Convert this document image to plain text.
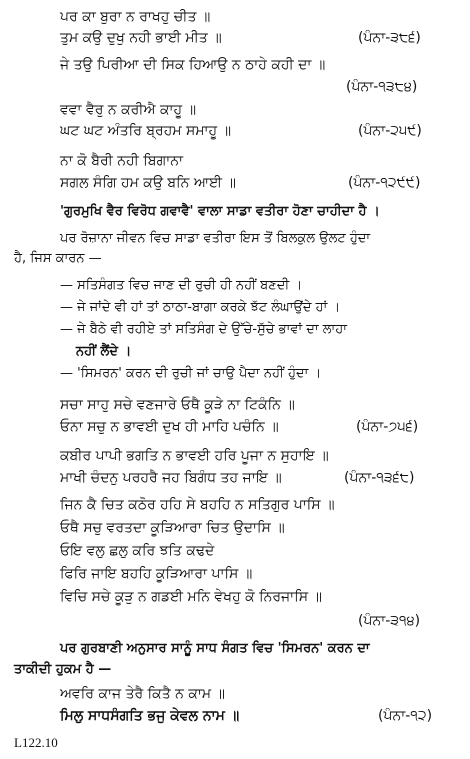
ਪਰ ਕਾ ਬੁਰਾ ਨ ਰਾਖਹੁ ਚੀਤ ॥
ਤੁਮ ਕਉ ਦੁਖੁ ਨਹੀ ਭਾਈ ਮੀਤ ॥	(ਪੰਨਾ-੩੮੬)
ਜੇ ਤਉ ਪਿਰੀਆ ਦੀ ਸਿਕ ਹਿਆਉ ਨ ਠਾਹੇ ਕਹੀ ਦਾ ॥
(ਪੰਨਾ-੧੩੮੪)
ਵਵਾ ਵੈਰੁ ਨ ਕਰੀਐ ਕਾਹੂ ॥
ਘਟ ਘਟ ਅੰਤਰਿ ਬ੍ਰਹਮ ਸਮਾਹੂ ॥	(ਪੰਨਾ-੨੫੯)
ਨਾ ਕੋ ਬੈਰੀ ਨਹੀ ਬਿਗਾਨਾ
ਸਗਲ ਸੰਗਿ ਹਮ ਕਉ ਬਨਿ ਆਈ ॥	(ਪੰਨਾ-੧੨੯੯)
'ਗੁਰਮੁਖਿ ਵੈਰ ਵਿਰੋਧ ਗਵਾਵੈ' ਵਾਲਾ ਸਾਡਾ ਵਤੀਰਾ ਹੋਣਾ ਚਾਹੀਦਾ ਹੈ ।
ਪਰ ਰੋਜ਼ਾਨਾ ਜੀਵਨ ਵਿਚ ਸਾਡਾ ਵਤੀਰਾ ਇਸ ਤੋਂ ਬਿਲਕੁਲ ਉਲਟ ਹੁੰਦਾ
ਹੈ, ਜਿਸ ਕਾਰਨ —
— ਸਤਿਸੰਗਤ ਵਿਚ ਜਾਣ ਦੀ ਰੁਚੀ ਹੀ ਨਹੀਂ ਬਣਦੀ ।
— ਜੇ ਜਾਂਦੇ ਵੀ ਹਾਂ ਤਾਂ ਠਾਠਾ-ਬਾਗਾ ਕਰਕੇ ਝੱਟ ਲੰਘਾਉਂਦੇ ਹਾਂ ।
— ਜੇ ਬੈਠੇ ਵੀ ਰਹੀਏ ਤਾਂ ਸਤਿਸੰਗ ਦੇ ਉੱਚੇ-ਸੁੱਚੇ ਭਾਵਾਂ ਦਾ ਲਾਹਾ
ਨਹੀਂ ਲੈਂਦੇ ।
— 'ਸਿਮਰਨ' ਕਰਨ ਦੀ ਰੁਚੀ ਜਾਂ ਚਾਉ ਪੈਦਾ ਨਹੀਂ ਹੁੰਦਾ ।
ਸਚਾ ਸਾਹੁ ਸਚੇ ਵਣਜਾਰੇ ਓਥੈ ਕੂੜੇ ਨਾ ਟਿਕੰਨਿ ॥
ਓਨਾ ਸਚੁ ਨ ਭਾਵਈ ਦੁਖ ਹੀ ਮਾਹਿ ਪਚੰਨਿ ॥	(ਪੰਨਾ-੭੫੬)
ਕਬੀਰ ਪਾਪੀ ਭਗਤਿ ਨ ਭਾਵਈ ਹਰਿ ਪੂਜਾ ਨ ਸੁਹਾਇ ॥
ਮਾਖੀ ਚੰਦਨੁ ਪਰਹਰੈ ਜਹ ਬਿਗੰਧ ਤਹ ਜਾਇ ॥	(ਪੰਨਾ-੧੩੬੮)
ਜਿਨ ਕੈ ਚਿਤ ਕਠੋਰ ਹਹਿ ਸੇ ਬਹਹਿ ਨ ਸਤਿਗੁਰ ਪਾਸਿ ॥
ਓਥੈ ਸਚੁ ਵਰਤਦਾ ਕੂੜਿਆਰਾ ਚਿਤ ਉਦਾਸਿ ॥
ਓਇ ਵਲੁ ਛਲੁ ਕਰਿ ਝਤਿ ਕਢਦੇ
ਫਿਰਿ ਜਾਇ ਬਹਹਿ ਕੂੜਿਆਰਾ ਪਾਸਿ ॥
ਵਿਚਿ ਸਚੇ ਕੂੜੁ ਨ ਗਡਈ ਮਨਿ ਵੇਖਹੁ ਕੋ ਨਿਰਜਾਸਿ ॥
(ਪੰਨਾ-੩੧੪)
ਪਰ ਗੁਰਬਾਣੀ ਅਨੁਸਾਰ ਸਾਨੂੰ ਸਾਧ ਸੰਗਤ ਵਿਚ 'ਸਿਮਰਨ' ਕਰਨ ਦਾ
ਤਾਕੀਦੀ ਹੁਕਮ ਹੈ —
ਅਵਰਿ ਕਾਜ ਤੇਰੈ ਕਿਤੈ ਨ ਕਾਮ ॥
ਮਿਲੁ ਸਾਧਸੰਗਤਿ ਭਜੁ ਕੇਵਲ ਨਾਮ ॥	(ਪੰਨਾ-੧੨)
L122.10
